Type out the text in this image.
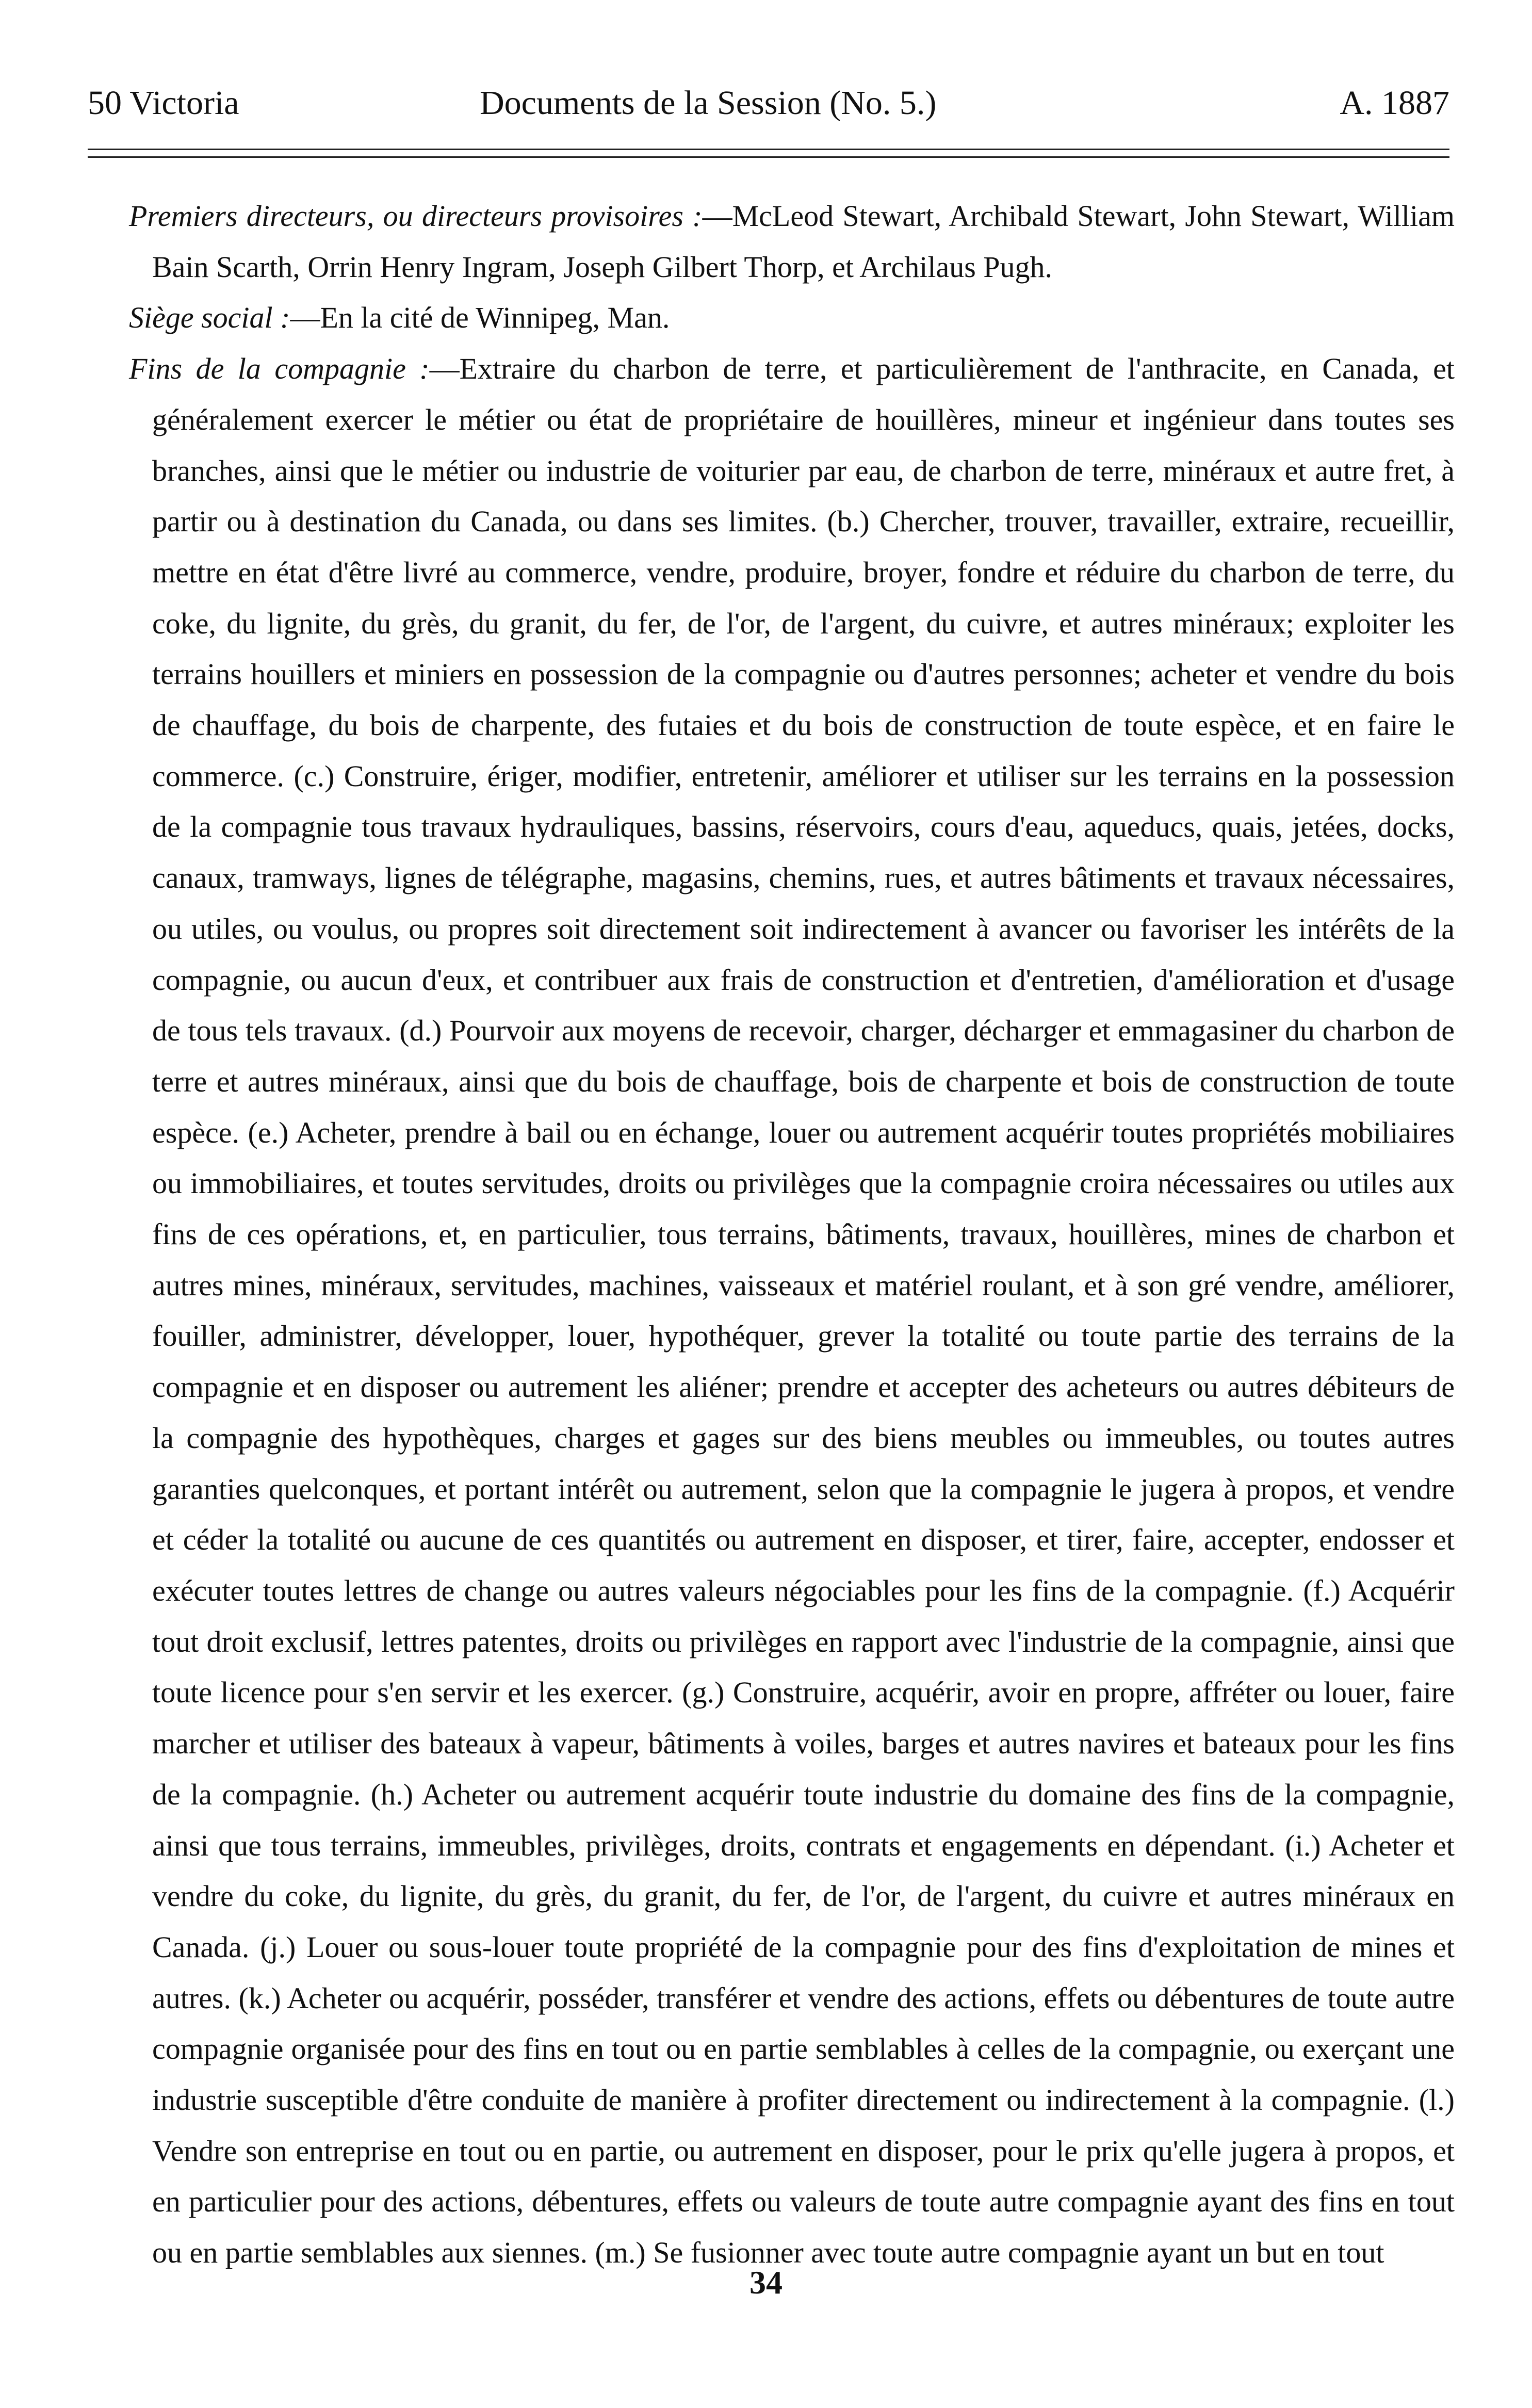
50 Victoria	Documents de la Session (No. 5.)	A. 1887

Premiers directeurs, ou directeurs provisoires :—McLeod Stewart, Archibald Stewart, John Stewart, William Bain Scarth, Orrin Henry Ingram, Joseph Gilbert Thorp, et Archilaus Pugh.

Siège social :—En la cité de Winnipeg, Man.

Fins de la compagnie :—Extraire du charbon de terre, et particulièrement de l'anthracite, en Canada, et généralement exercer le métier ou état de propriétaire de houillères, mineur et ingénieur dans toutes ses branches, ainsi que le métier ou industrie de voiturier par eau, de charbon de terre, minéraux et autre fret, à partir ou à destination du Canada, ou dans ses limites. (b.) Chercher, trouver, travailler, extraire, recueillir, mettre en état d'être livré au commerce, vendre, produire, broyer, fondre et réduire du charbon de terre, du coke, du lignite, du grès, du granit, du fer, de l'or, de l'argent, du cuivre, et autres minéraux; exploiter les terrains houillers et miniers en possession de la compagnie ou d'autres personnes; acheter et vendre du bois de chauffage, du bois de charpente, des futaies et du bois de construction de toute espèce, et en faire le commerce. (c.) Construire, ériger, modifier, entretenir, améliorer et utiliser sur les terrains en la possession de la compagnie tous travaux hydrauliques, bassins, réservoirs, cours d'eau, aqueducs, quais, jetées, docks, canaux, tramways, lignes de télégraphe, magasins, chemins, rues, et autres bâtiments et travaux nécessaires, ou utiles, ou voulus, ou propres soit directement soit indirectement à avancer ou favoriser les intérêts de la compagnie, ou aucun d'eux, et contribuer aux frais de construction et d'entretien, d'amélioration et d'usage de tous tels travaux. (d.) Pourvoir aux moyens de recevoir, charger, décharger et emmagasiner du charbon de terre et autres minéraux, ainsi que du bois de chauffage, bois de charpente et bois de construction de toute espèce. (e.) Acheter, prendre à bail ou en échange, louer ou autrement acquérir toutes propriétés mobiliaires ou immobiliaires, et toutes servitudes, droits ou privilèges que la compagnie croira nécessaires ou utiles aux fins de ces opérations, et, en particulier, tous terrains, bâtiments, travaux, houillères, mines de charbon et autres mines, minéraux, servitudes, machines, vaisseaux et matériel roulant, et à son gré vendre, améliorer, fouiller, administrer, développer, louer, hypothéquer, grever la totalité ou toute partie des terrains de la compagnie et en disposer ou autrement les aliéner; prendre et accepter des acheteurs ou autres débiteurs de la compagnie des hypothèques, charges et gages sur des biens meubles ou immeubles, ou toutes autres garanties quelconques, et portant intérêt ou autrement, selon que la compagnie le jugera à propos, et vendre et céder la totalité ou aucune de ces quantités ou autrement en disposer, et tirer, faire, accepter, endosser et exécuter toutes lettres de change ou autres valeurs négociables pour les fins de la compagnie. (f.) Acquérir tout droit exclusif, lettres patentes, droits ou privilèges en rapport avec l'industrie de la compagnie, ainsi que toute licence pour s'en servir et les exercer. (g.) Construire, acquérir, avoir en propre, affréter ou louer, faire marcher et utiliser des bateaux à vapeur, bâtiments à voiles, barges et autres navires et bateaux pour les fins de la compagnie. (h.) Acheter ou autrement acquérir toute industrie du domaine des fins de la compagnie, ainsi que tous terrains, immeubles, privilèges, droits, contrats et engagements en dépendant. (i.) Acheter et vendre du coke, du lignite, du grès, du granit, du fer, de l'or, de l'argent, du cuivre et autres minéraux en Canada. (j.) Louer ou sous-louer toute propriété de la compagnie pour des fins d'exploitation de mines et autres. (k.) Acheter ou acquérir, posséder, transférer et vendre des actions, effets ou débentures de toute autre compagnie organisée pour des fins en tout ou en partie semblables à celles de la compagnie, ou exerçant une industrie susceptible d'être conduite de manière à profiter directement ou indirectement à la compagnie. (l.) Vendre son entreprise en tout ou en partie, ou autrement en disposer, pour le prix qu'elle jugera à propos, et en particulier pour des actions, débentures, effets ou valeurs de toute autre compagnie ayant des fins en tout ou en partie semblables aux siennes. (m.) Se fusionner avec toute autre compagnie ayant un but en tout

34
